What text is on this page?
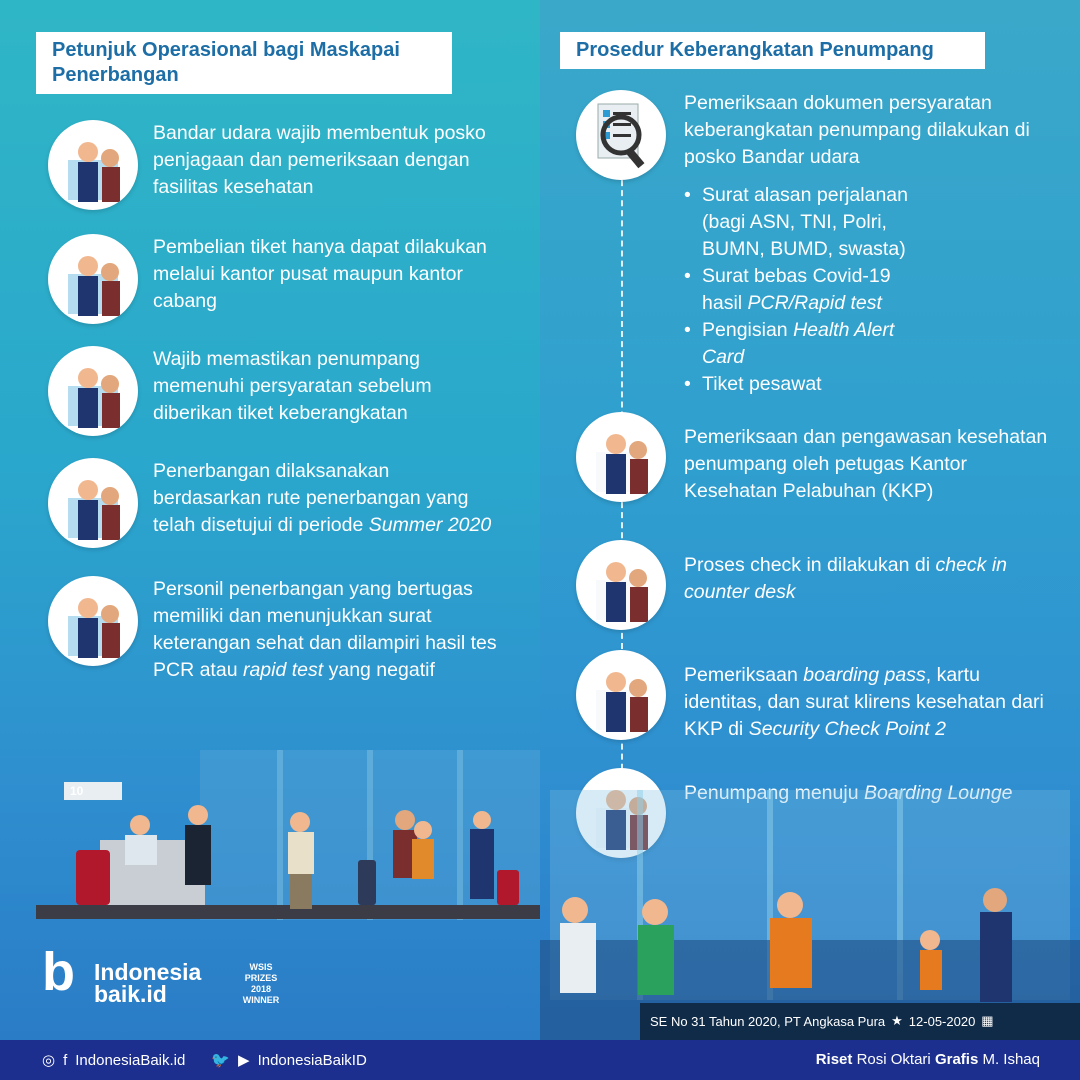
Petunjuk Operasional bagi Maskapai Penerbangan
Prosedur Keberangkatan Penumpang
Bandar udara wajib membentuk posko penjagaan dan pemeriksaan dengan fasilitas kesehatan
Pembelian tiket hanya dapat dilakukan melalui kantor pusat maupun kantor cabang
Wajib memastikan penumpang memenuhi persyaratan sebelum diberikan tiket keberangkatan
Penerbangan dilaksanakan berdasarkan rute penerbangan yang telah disetujui di periode Summer 2020
Personil penerbangan yang bertugas memiliki dan menunjukkan surat keterangan sehat dan dilampiri hasil tes PCR atau rapid test yang negatif
Pemeriksaan dokumen persyaratan keberangkatan penumpang dilakukan di posko Bandar udara
• Surat alasan perjalanan (bagi ASN, TNI, Polri, BUMN, BUMD, swasta)
• Surat bebas Covid-19 hasil PCR/Rapid test
• Pengisian Health Alert Card
• Tiket pesawat
Pemeriksaan dan pengawasan kesehatan penumpang oleh petugas Kantor Kesehatan Pelabuhan (KKP)
Proses check in dilakukan di check in counter desk
Pemeriksaan boarding pass, kartu identitas, dan surat klirens kesehatan dari KKP di Security Check Point 2
Penumpang menuju Boarding Lounge
10
SE No 31 Tahun 2020, PT Angkasa Pura ★ 12-05-2020 ▦
b Indonesia
baik.id
WSIS
PRIZES
2018
WINNER
◎ f IndonesiaBaik.id 🐦 ▶ IndonesiaBaikID	Riset Rosi Oktari Grafis M. Ishaq
